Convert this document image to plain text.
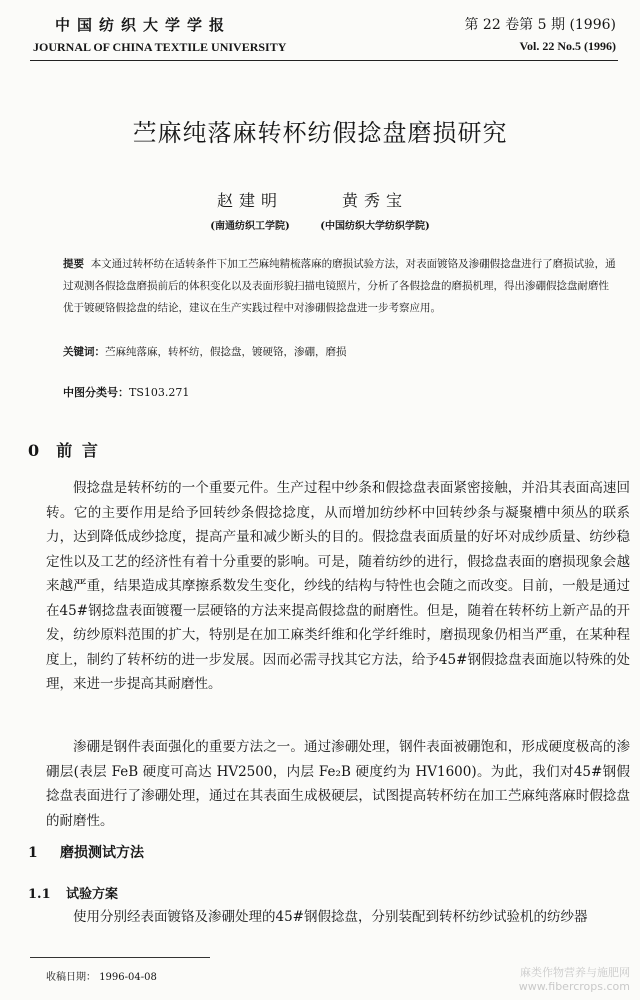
中国纺织大学学报
JOURNAL OF CHINA TEXTILE UNIVERSITY
第 22 卷第 5 期 (1996)
Vol. 22 No.5 (1996)
苎麻纯落麻转杯纺假捻盘磨损研究
赵建明
(南通纺织工学院)
黄秀宝
(中国纺织大学纺织学院)
提要 本文通过转杯纺在适转条件下加工苎麻纯精梳落麻的磨损试验方法，对表面镀铬及渗硼假捻盘进行了磨损试验，通过观测各假捻盘磨损前后的体积变化以及表面形貌扫描电镜照片，分析了各假捻盘的磨损机理，得出渗硼假捻盘耐磨性优于镀硬铬假捻盘的结论，建议在生产实践过程中对渗硼假捻盘进一步考察应用。
关键词：苎麻纯落麻，转杯纺，假捻盘，镀硬铬，渗硼，磨损
中图分类号：TS103.271
0 前 言
假捻盘是转杯纺的一个重要元件。生产过程中纱条和假捻盘表面紧密接触，并沿其表面高速回转。它的主要作用是给予回转纱条假捻捻度，从而增加纺纱杯中回转纱条与凝聚槽中须丛的联系力，达到降低成纱捻度，提高产量和减少断头的目的。假捻盘表面质量的好坏对成纱质量、纺纱稳定性以及工艺的经济性有着十分重要的影响。可是，随着纺纱的进行，假捻盘表面的磨损现象会越来越严重，结果造成其摩擦系数发生变化，纱线的结构与特性也会随之而改变。目前，一般是通过在45#钢捻盘表面镀覆一层硬铬的方法来提高假捻盘的耐磨性。但是，随着在转杯纺上新产品的开发，纺纱原料范围的扩大，特别是在加工麻类纤维和化学纤维时，磨损现象仍相当严重，在某种程度上，制约了转杯纺的进一步发展。因而必需寻找其它方法，给予45#钢假捻盘表面施以特殊的处理，来进一步提高其耐磨性。
渗硼是钢件表面强化的重要方法之一。通过渗硼处理，钢件表面被硼饱和，形成硬度极高的渗硼层(表层 FeB 硬度可高达 HV2500，内层 Fe₂B 硬度约为 HV1600)。为此，我们对45#钢假捻盘表面进行了渗硼处理，通过在其表面生成极硬层，试图提高转杯纺在加工苎麻纯落麻时假捻盘的耐磨性。
1 磨损测试方法
1.1 试验方案
使用分别经表面镀铬及渗硼处理的45#钢假捻盘，分别装配到转杯纺纱试验机的纺纱器
收稿日期： 1996-04-08	麻类作物营养与施肥网
www.fibercrops.com
